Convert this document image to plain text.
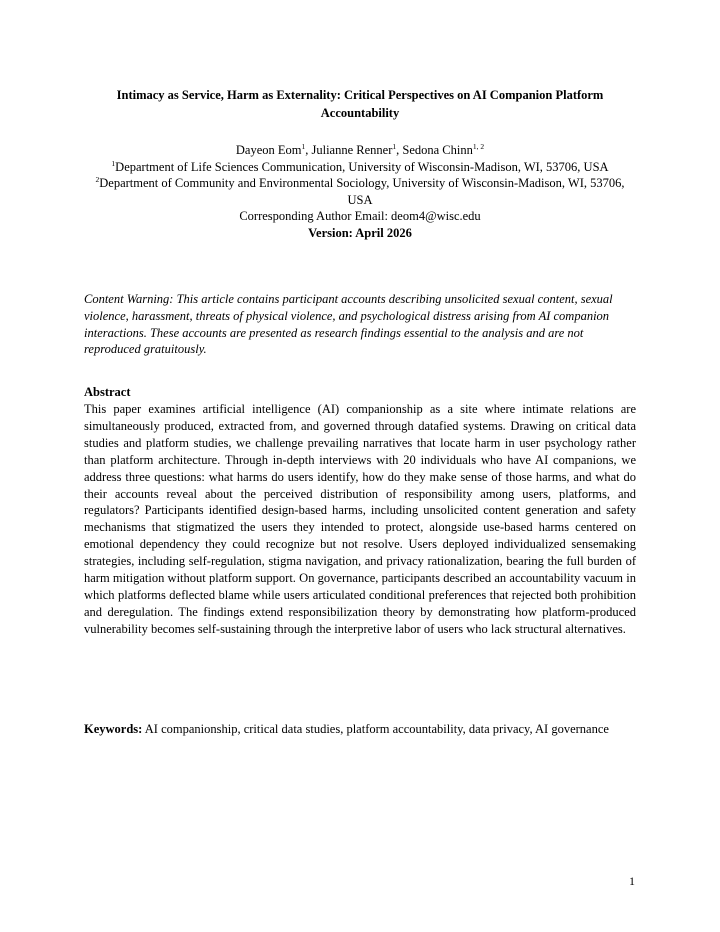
Intimacy as Service, Harm as Externality: Critical Perspectives on AI Companion Platform Accountability
Dayeon Eom$^1$, Julianne Renner$^1$, Sedona Chinn$^{1, 2}$
$^1$Department of Life Sciences Communication, University of Wisconsin-Madison, WI, 53706, USA
$^2$Department of Community and Environmental Sociology, University of Wisconsin-Madison, WI, 53706, USA
Corresponding Author Email: deom4@wisc.edu
Version: April 2026
Content Warning: This article contains participant accounts describing unsolicited sexual content, sexual violence, harassment, threats of physical violence, and psychological distress arising from AI companion interactions. These accounts are presented as research findings essential to the analysis and are not reproduced gratuitously.
Abstract
This paper examines artificial intelligence (AI) companionship as a site where intimate relations are simultaneously produced, extracted from, and governed through datafied systems. Drawing on critical data studies and platform studies, we challenge prevailing narratives that locate harm in user psychology rather than platform architecture. Through in-depth interviews with 20 individuals who have AI companions, we address three questions: what harms do users identify, how do they make sense of those harms, and what do their accounts reveal about the perceived distribution of responsibility among users, platforms, and regulators? Participants identified design-based harms, including unsolicited content generation and safety mechanisms that stigmatized the users they intended to protect, alongside use-based harms centered on emotional dependency they could recognize but not resolve. Users deployed individualized sensemaking strategies, including self-regulation, stigma navigation, and privacy rationalization, bearing the full burden of harm mitigation without platform support. On governance, participants described an accountability vacuum in which platforms deflected blame while users articulated conditional preferences that rejected both prohibition and deregulation. The findings extend responsibilization theory by demonstrating how platform-produced vulnerability becomes self-sustaining through the interpretive labor of users who lack structural alternatives.
Keywords: AI companionship, critical data studies, platform accountability, data privacy, AI governance
1
